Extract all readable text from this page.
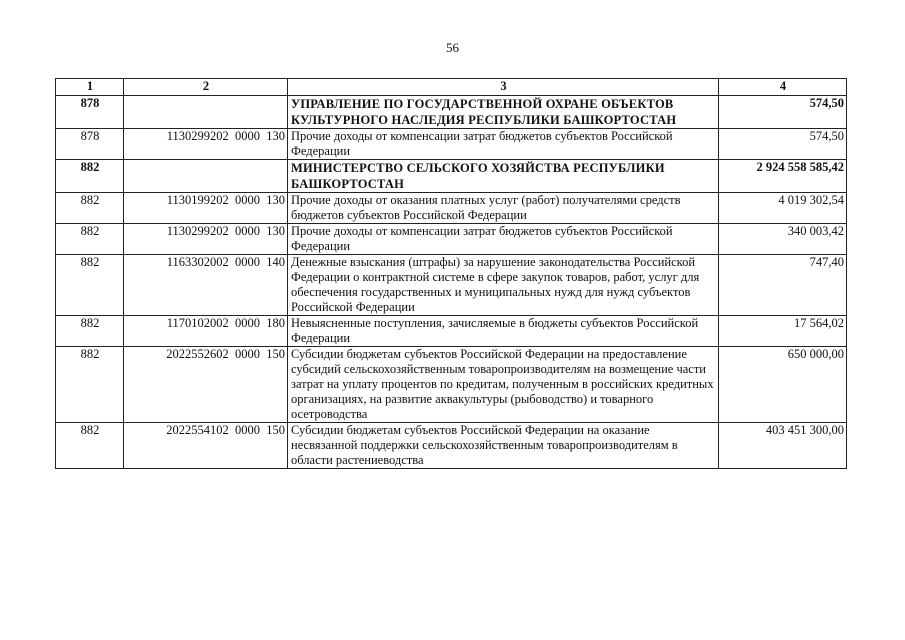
56
1	2	3	4
878		УПРАВЛЕНИЕ ПО ГОСУДАРСТВЕННОЙ ОХРАНЕ ОБЪЕКТОВ КУЛЬТУРНОГО НАСЛЕДИЯ РЕСПУБЛИКИ БАШКОРТОСТАН	574,50
878	1130299202  0000  130	Прочие доходы от компенсации затрат бюджетов субъектов Российской Федерации	574,50
882		МИНИСТЕРСТВО СЕЛЬСКОГО ХОЗЯЙСТВА РЕСПУБЛИКИ БАШКОРТОСТАН	2 924 558 585,42
882	1130199202  0000  130	Прочие доходы от оказания платных услуг (работ) получателями средств бюджетов субъектов Российской Федерации	4 019 302,54
882	1130299202  0000  130	Прочие доходы от компенсации затрат бюджетов субъектов Российской Федерации	340 003,42
882	1163302002  0000  140	Денежные взыскания (штрафы) за нарушение законодательства Российской Федерации о контрактной системе в сфере закупок товаров, работ, услуг для обеспечения государственных и муниципальных нужд для нужд субъектов Российской Федерации	747,40
882	1170102002  0000  180	Невыясненные поступления, зачисляемые в бюджеты субъектов Российской Федерации	17 564,02
882	2022552602  0000  150	Субсидии бюджетам субъектов Российской Федерации на предоставление субсидий сельскохозяйственным товаропроизводителям на возмещение части затрат на уплату процентов по кредитам, полученным в российских кредитных организациях, на развитие аквакультуры (рыбоводство) и товарного осетроводства	650 000,00
882	2022554102  0000  150	Субсидии бюджетам субъектов Российской Федерации на оказание несвязанной поддержки сельскохозяйственным товаропроизводителям в области растениеводства	403 451 300,00
